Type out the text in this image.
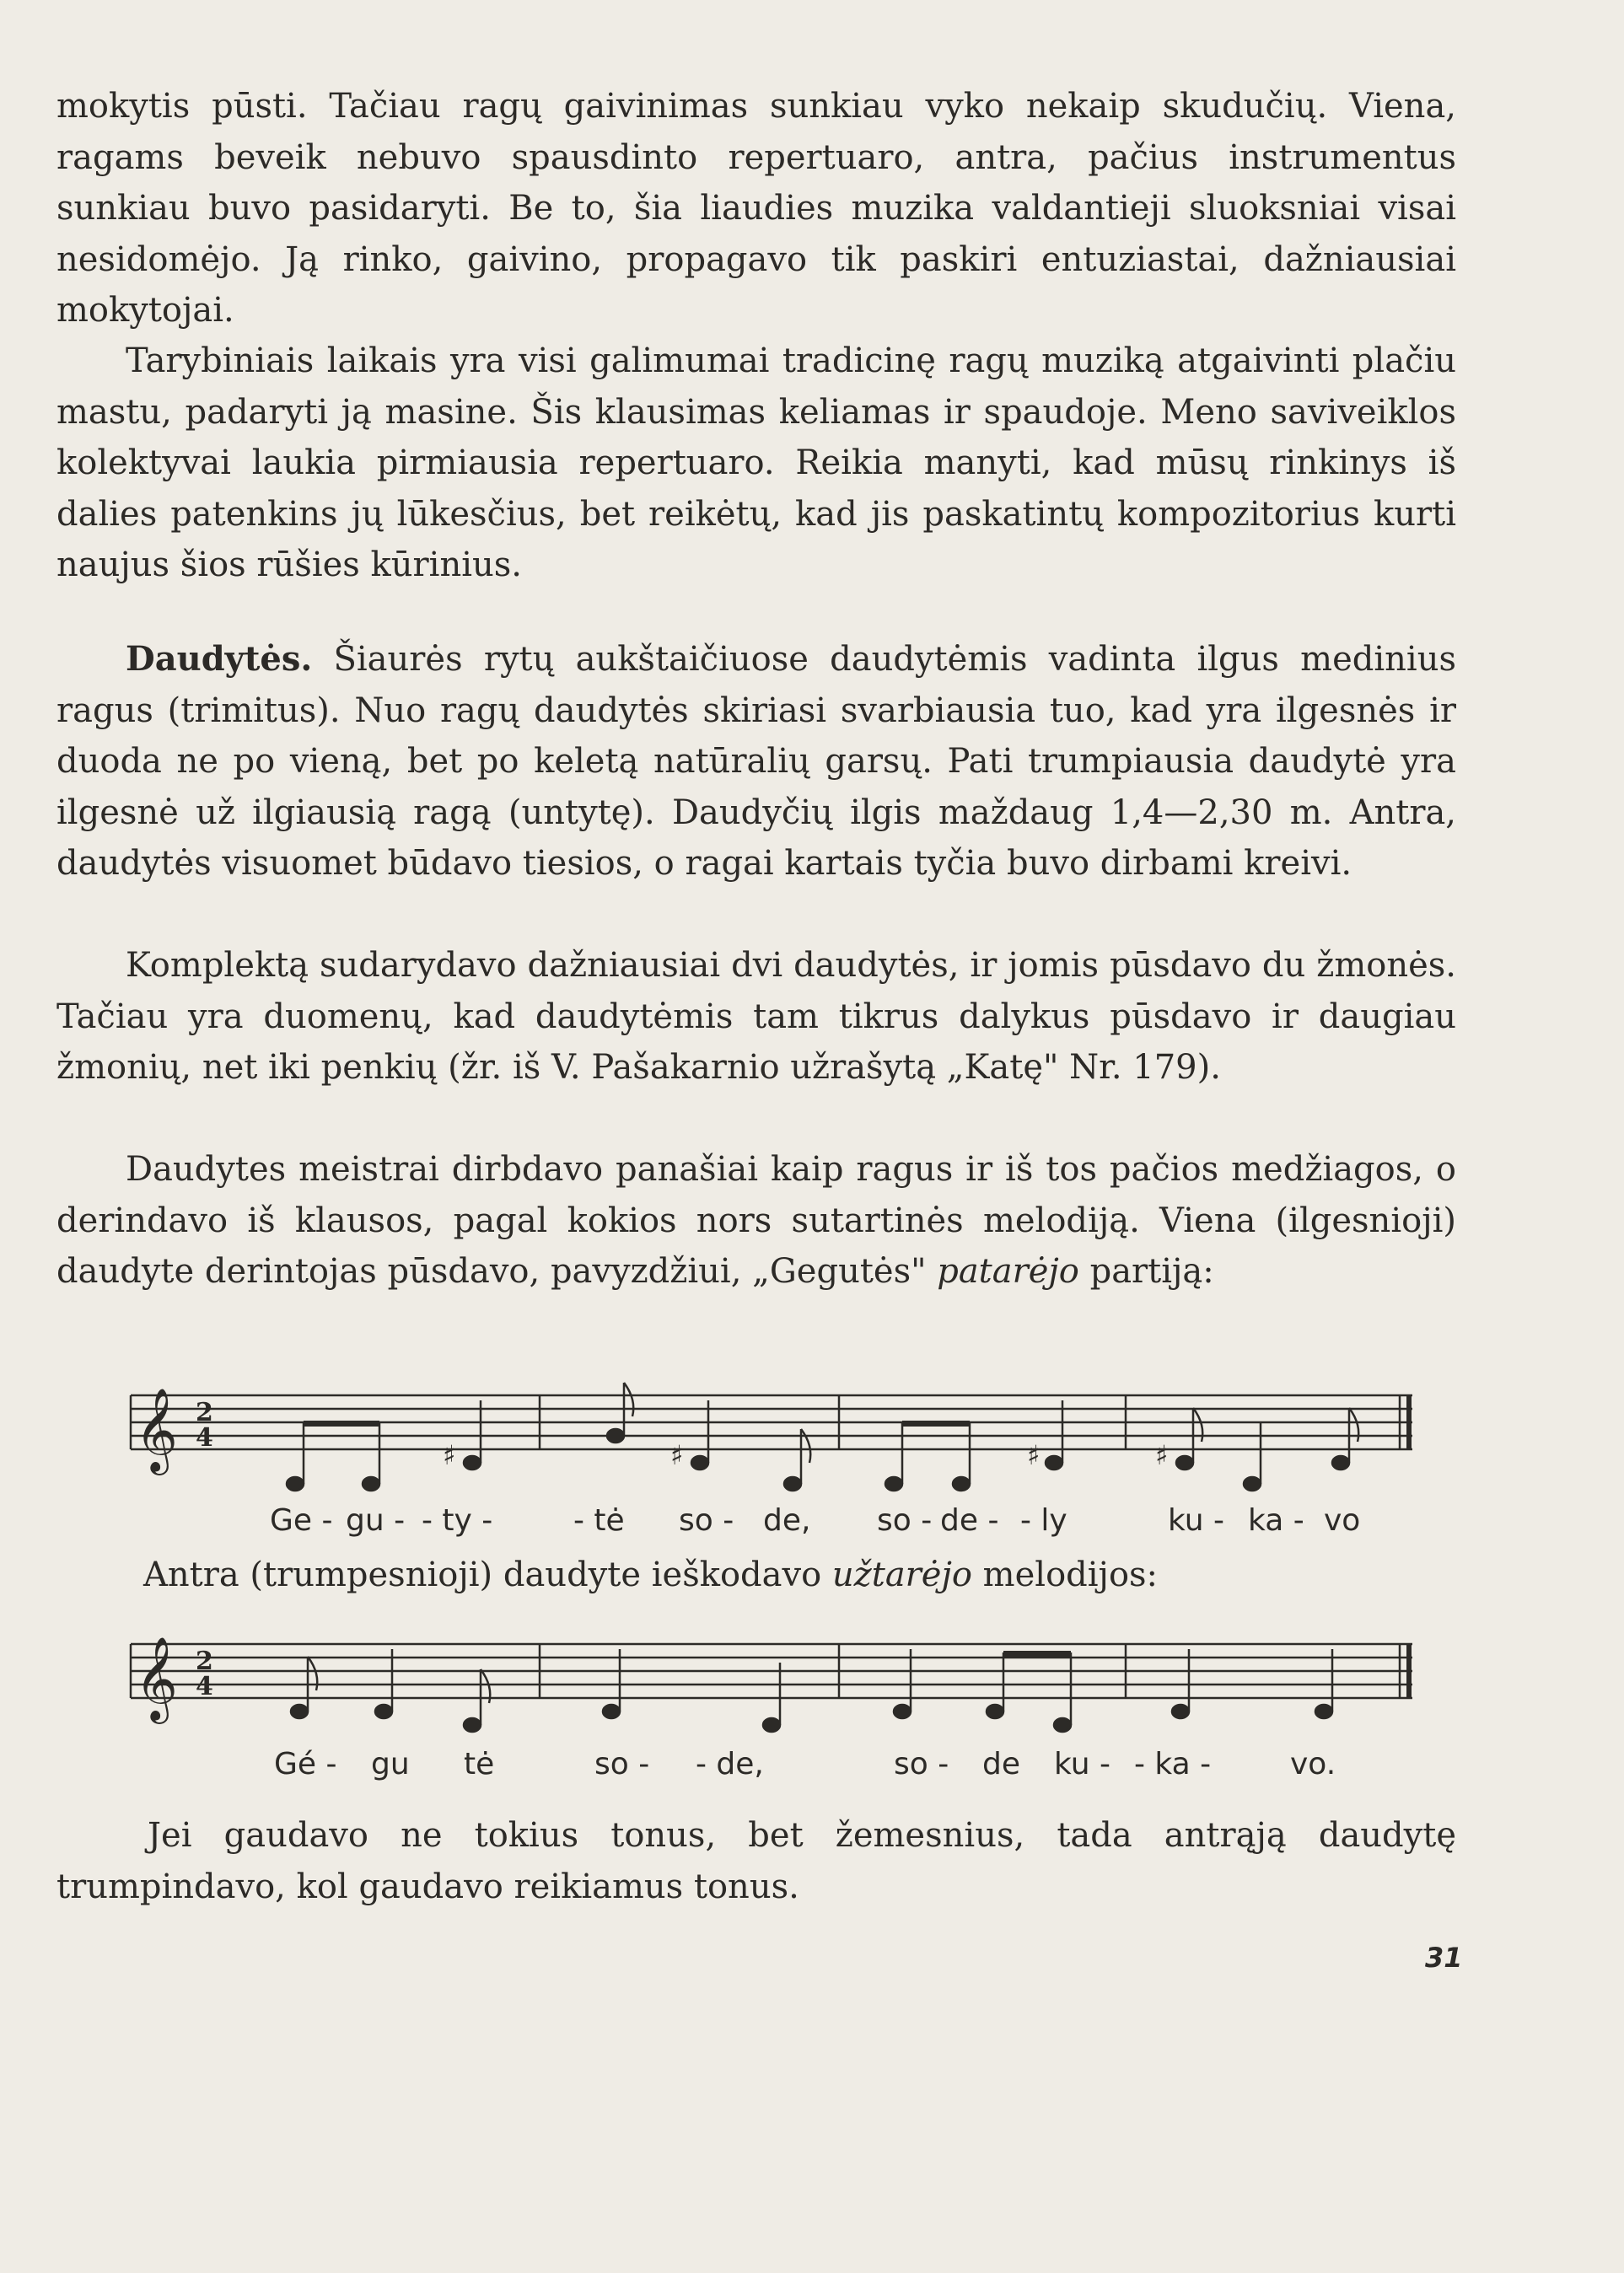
mokytis pūsti. Tačiau ragų gaivinimas sunkiau vyko nekaip skudučių. Viena, ragams beveik nebuvo spausdinto repertuaro, antra, pačius instrumentus sunkiau buvo pasidaryti. Be to, šia liaudies muzika valdantieji sluoksniai visai nesidomėjo. Ją rinko, gaivino, propagavo tik paskiri entuziastai, dažniausiai mokytojai.

Tarybiniais laikais yra visi galimumai tradicinę ragų muziką atgaivinti plačiu mastu, padaryti ją masine. Šis klausimas keliamas ir spaudoje. Meno saviveiklos kolektyvai laukia pirmiausia repertuaro. Reikia manyti, kad mūsų rinkinys iš dalies patenkins jų lūkesčius, bet reikėtų, kad jis paskatintų kompozitorius kurti naujus šios rūšies kūrinius.

Daudytės. Šiaurės rytų aukštaičiuose daudytėmis vadinta ilgus medinius ragus (trimitus). Nuo ragų daudytės skiriasi svarbiausia tuo, kad yra ilgesnės ir duoda ne po vieną, bet po keletą natūralių garsų. Pati trumpiausia daudytė yra ilgesnė už ilgiausią ragą (untytę). Daudyčių ilgis maždaug 1,4—2,30 m. Antra, daudytės visuomet būdavo tiesios, o ragai kartais tyčia buvo dirbami kreivi.

Komplektą sudarydavo dažniausiai dvi daudytės, ir jomis pūsdavo du žmonės. Tačiau yra duomenų, kad daudytėmis tam tikrus dalykus pūsdavo ir daugiau žmonių, net iki penkių (žr. iš V. Pašakarnio užrašytą „Katę" Nr. 179).

Daudytes meistrai dirbdavo panašiai kaip ragus ir iš tos pačios medžiagos, o derindavo iš klausos, pagal kokios nors sutartinės melodiją. Viena (ilgesnioji) daudyte derintojas pūsdavo, pavyzdžiui, „Gegutės" patarėjo partiją:

𝄞 2
4
♯	♯	♯	♯
Ge - gu - - ty -	- tė so - de, so - de - - ly	ku - ka - vo

Antra (trumpesnioji) daudyte ieškodavo užtarėjo melodijos:

𝄞 2
4
Gé - gu tė	so - - de,	so - de ku - - ka -	vo.

Jei gaudavo ne tokius tonus, bet žemesnius, tada antrąją daudytę trumpindavo, kol gaudavo reikiamus tonus.

31
